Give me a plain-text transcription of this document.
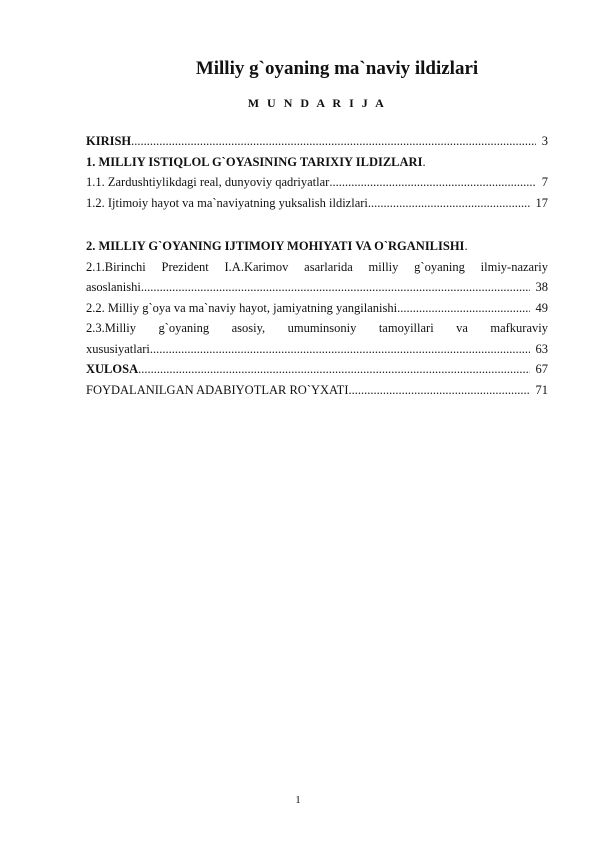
Milliy g`oyaning ma`naviy ildizlari
M U N D A R I J A
KIRISH .....	3
1. MILLIY ISTIQLOL G`OYASINING TARIXIY ILDIZLARI.
1.1. Zardushtiylikdagi real, dunyoviy qadriyatlar .....	7
1.2. Ijtimoiy hayot va ma`naviyatning yuksalish ildizlari .....	17
2. MILLIY G`OYANING IJTIMOIY MOHIYATI VA O`RGANILISHI.
2.1.Birinchi Prezident I.A.Karimov asarlarida milliy g`oyaning ilmiy-nazariy
asoslanishi .....	38
2.2. Milliy g`oya va ma`naviy hayot, jamiyatning yangilanishi .....	49
2.3.Milliy g`oyaning asosiy, umuminsoniy tamoyillari va mafkuraviy
xususiyatlari .....	63
XULOSA .....	67
FOYDALANILGAN ADABIYOTLAR RO`YXATI .....	71
1
